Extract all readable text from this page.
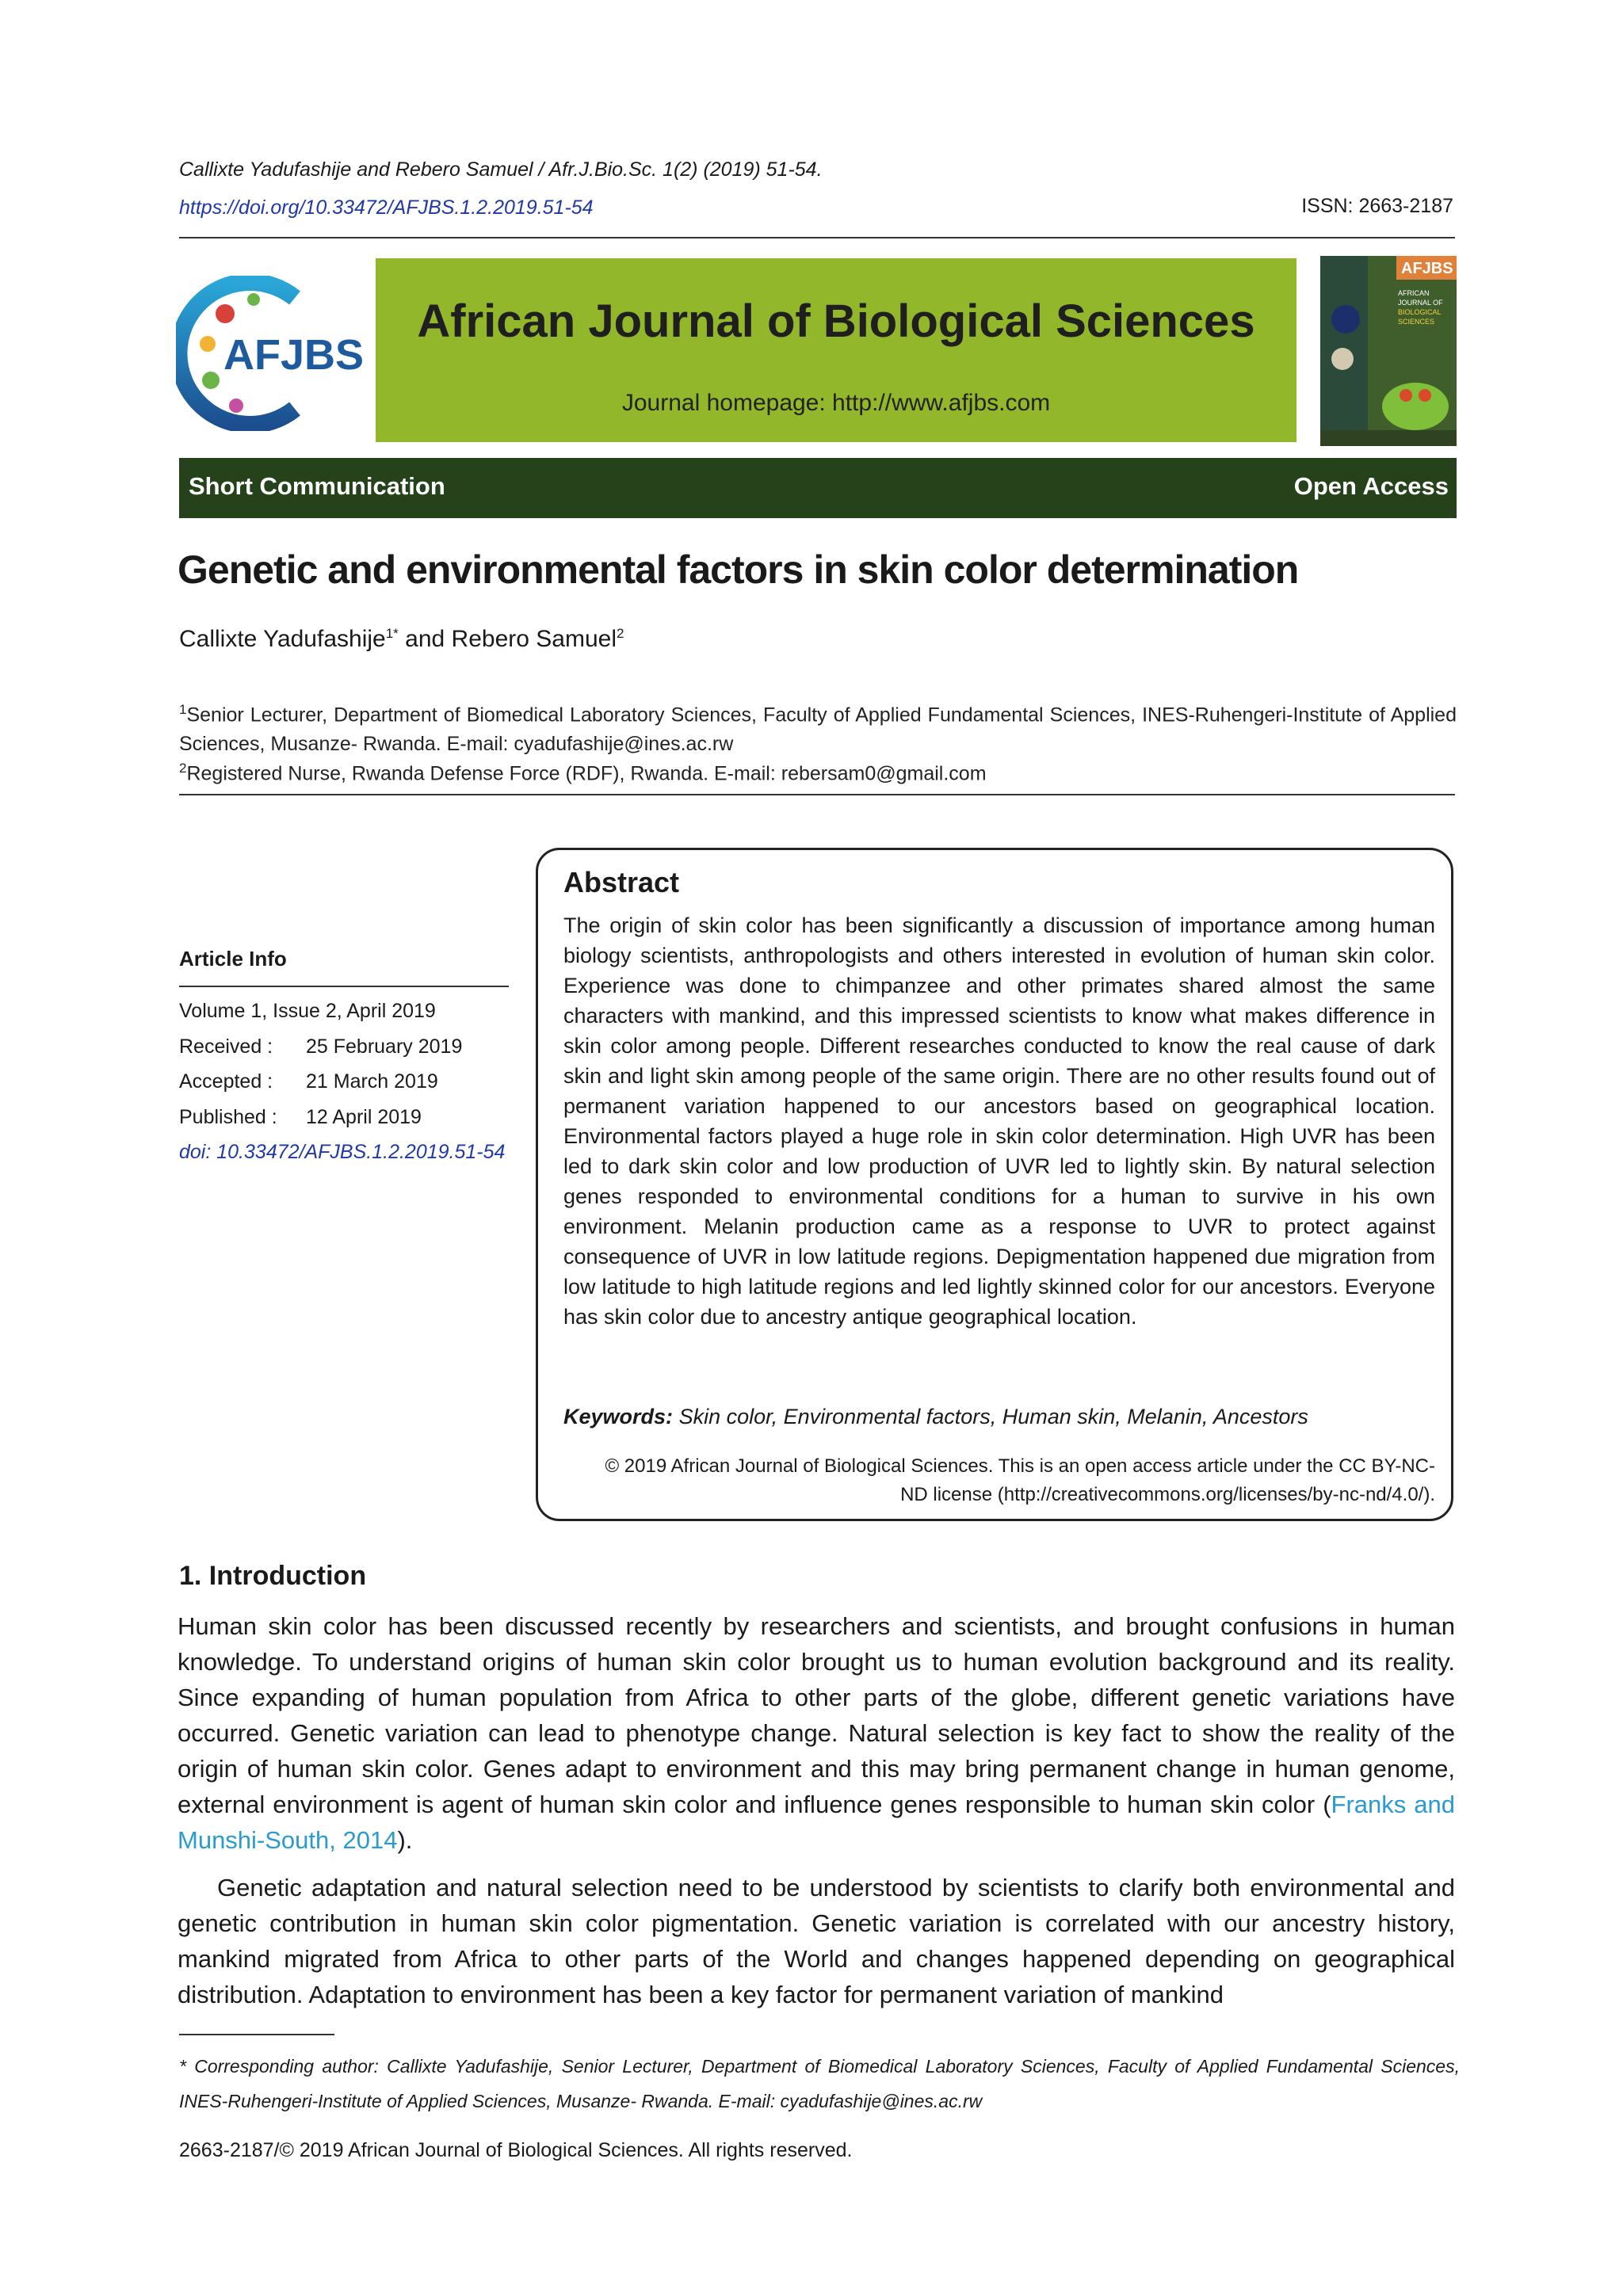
Callixte Yadufashije and Rebero Samuel / Afr.J.Bio.Sc. 1(2) (2019) 51-54.
https://doi.org/10.33472/AFJBS.1.2.2019.51-54	ISSN: 2663-2187
AFJBS
African Journal of Biological Sciences
Journal homepage: http://www.afjbs.com
AFJBS
AFRICAN
JOURNAL OF
BIOLOGICAL
SCIENCES
Short Communication	Open Access
Genetic and environmental factors in skin color determination
Callixte Yadufashije$^{1*}$ and Rebero Samuel$^2$
$^1$Senior Lecturer, Department of Biomedical Laboratory Sciences, Faculty of Applied Fundamental Sciences, INES-Ruhengeri-Institute of Applied Sciences, Musanze- Rwanda. E-mail: cyadufashije@ines.ac.rw
$^2$Registered Nurse, Rwanda Defense Force (RDF), Rwanda. E-mail: rebersam0@gmail.com
Article Info
Volume 1, Issue 2, April 2019
Received : 25 February 2019
Accepted : 21 March 2019
Published : 12 April 2019
doi: 10.33472/AFJBS.1.2.2019.51-54
Abstract
The origin of skin color has been significantly a discussion of importance among human biology scientists, anthropologists and others interested in evolution of human skin color. Experience was done to chimpanzee and other primates shared almost the same characters with mankind, and this impressed scientists to know what makes difference in skin color among people. Different researches conducted to know the real cause of dark skin and light skin among people of the same origin. There are no other results found out of permanent variation happened to our ancestors based on geographical location. Environmental factors played a huge role in skin color determination. High UVR has been led to dark skin color and low production of UVR led to lightly skin. By natural selection genes responded to environmental conditions for a human to survive in his own environment. Melanin production came as a response to UVR to protect against consequence of UVR in low latitude regions. Depigmentation happened due migration from low latitude to high latitude regions and led lightly skinned color for our ancestors. Everyone has skin color due to ancestry antique geographical location.
Keywords: Skin color, Environmental factors, Human skin, Melanin, Ancestors
© 2019 African Journal of Biological Sciences. This is an open access article under the CC BY-NC-ND license (http://creativecommons.org/licenses/by-nc-nd/4.0/).
1. Introduction
Human skin color has been discussed recently by researchers and scientists, and brought confusions in human knowledge. To understand origins of human skin color brought us to human evolution background and its reality. Since expanding of human population from Africa to other parts of the globe, different genetic variations have occurred. Genetic variation can lead to phenotype change. Natural selection is key fact to show the reality of the origin of human skin color. Genes adapt to environment and this may bring permanent change in human genome, external environment is agent of human skin color and influence genes responsible to human skin color (Franks and Munshi-South, 2014).
Genetic adaptation and natural selection need to be understood by scientists to clarify both environmental and genetic contribution in human skin color pigmentation. Genetic variation is correlated with our ancestry history, mankind migrated from Africa to other parts of the World and changes happened depending on geographical distribution. Adaptation to environment has been a key factor for permanent variation of mankind
* Corresponding author: Callixte Yadufashije, Senior Lecturer, Department of Biomedical Laboratory Sciences, Faculty of Applied Fundamental Sciences, INES-Ruhengeri-Institute of Applied Sciences, Musanze- Rwanda. E-mail: cyadufashije@ines.ac.rw
2663-2187/© 2019 African Journal of Biological Sciences. All rights reserved.
